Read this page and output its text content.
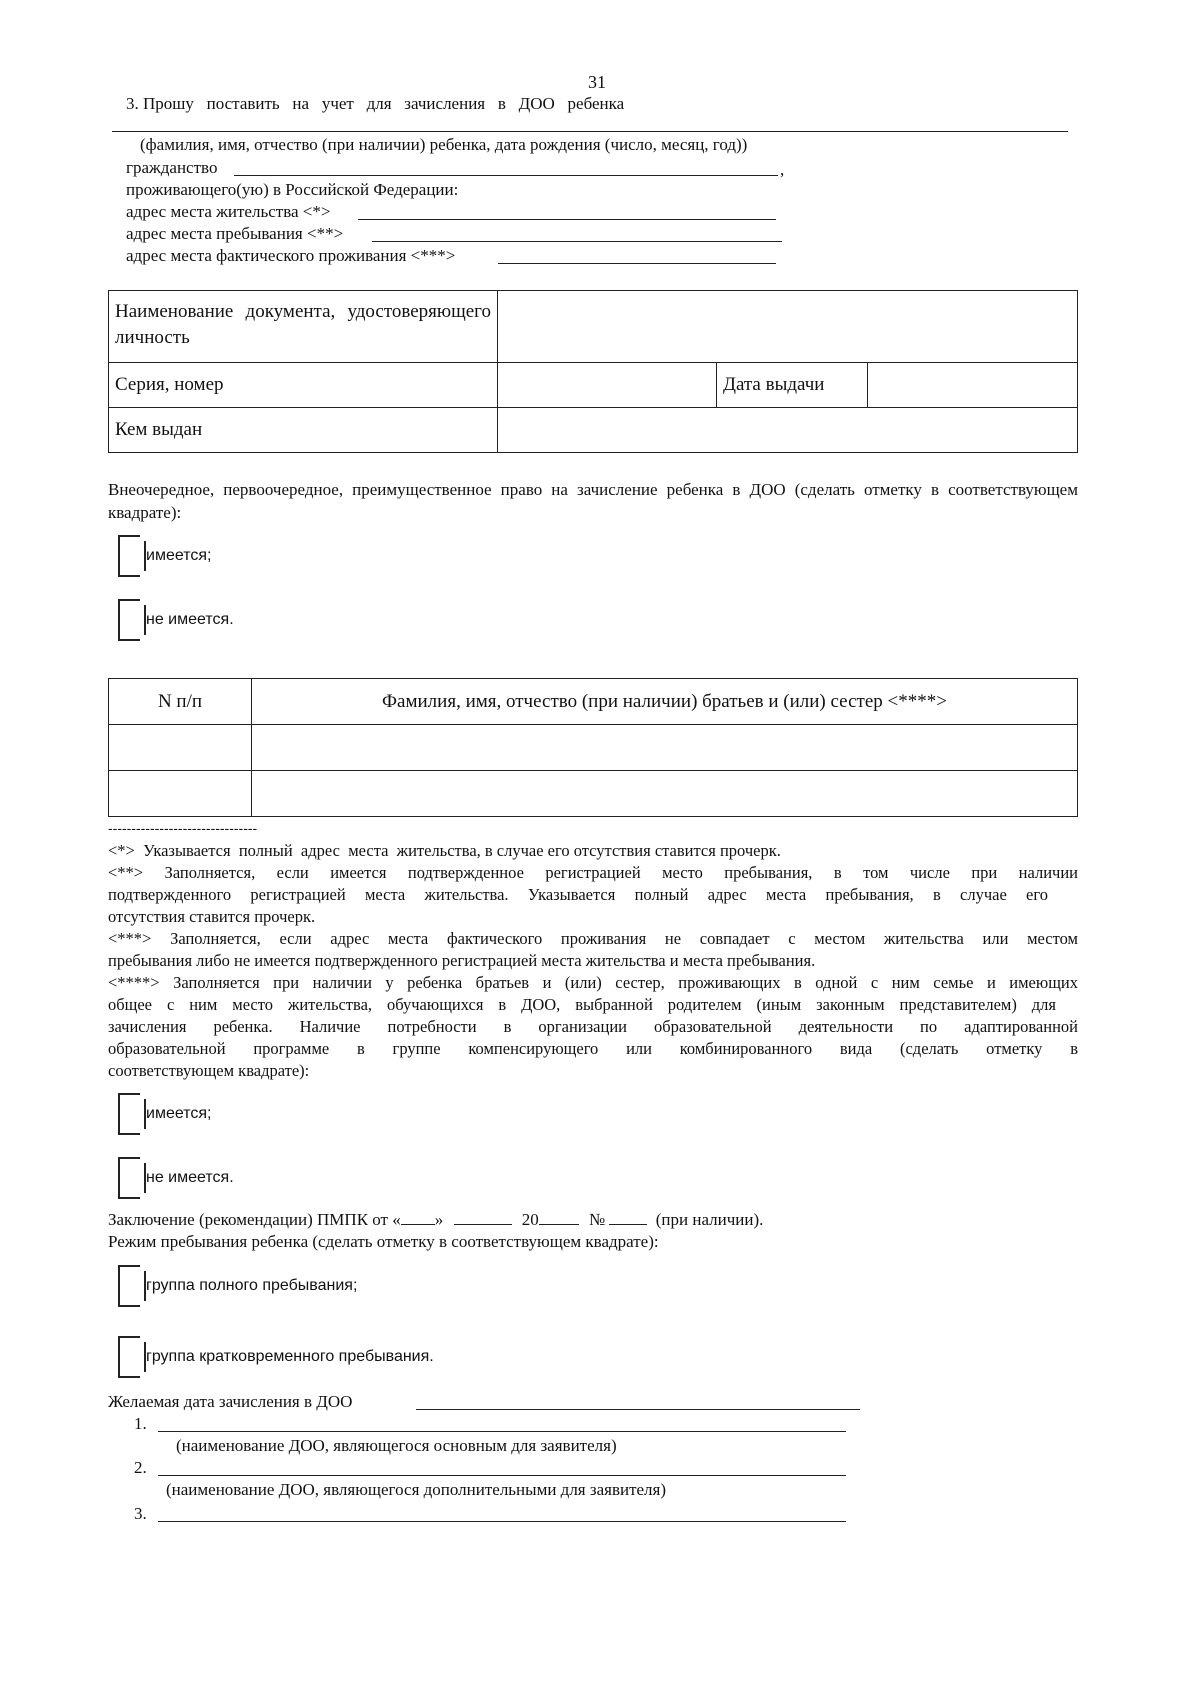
31
3. Прошу   поставить   на   учет   для   зачисления   в   ДОО   ребенка
(фамилия, имя, отчество (при наличии) ребенка, дата рождения (число, месяц, год))
гражданство	,
проживающего(ую) в Российской Федерации:
адрес места жительства <*>
адрес места пребывания <**>
адрес места фактического проживания <***>
Наименование документа, удостоверяющего личность			
Серия, номер		Дата выдачи	
Кем выдан			
Внеочередное, первоочередное, преимущественное право на зачисление ребенка в ДОО (сделать отметку в соответствующем квадрате):
имеется;
не имеется.
N п/п	Фамилия, имя, отчество (при наличии) братьев и (или) сестер <****>

--------------------------------
<*>  Указывается  полный  адрес  места  жительства, в случае его отсутствия ставится прочерк.
<**> Заполняется, если имеется подтвержденное регистрацией место пребывания, в том числе при наличии
подтвержденного регистрацией места жительства. Указывается полный адрес места пребывания, в случае его
отсутствия ставится прочерк.
<***> Заполняется, если адрес места фактического проживания не совпадает с местом жительства или местом
пребывания либо не имеется подтвержденного регистрацией места жительства и места пребывания.
<****> Заполняется при наличии у ребенка братьев и (или) сестер, проживающих в одной с ним семье и имеющих
общее с ним место жительства, обучающихся в ДОО, выбранной родителем (иным законным представителем) для
зачисления ребенка. Наличие потребности в организации образовательной деятельности по адаптированной
образовательной программе в группе компенсирующего или комбинированного вида (сделать отметку в
соответствующем квадрате):
имеется;
не имеется.
Заключение (рекомендации) ПМПК от « »	20	№	(при наличии).
Режим пребывания ребенка (сделать отметку в соответствующем квадрате):
группа полного пребывания;
группа кратковременного пребывания.
Желаемая дата зачисления в ДОО
1.
(наименование ДОО, являющегося основным для заявителя)
2.
(наименование ДОО, являющегося дополнительными для заявителя)
3.
